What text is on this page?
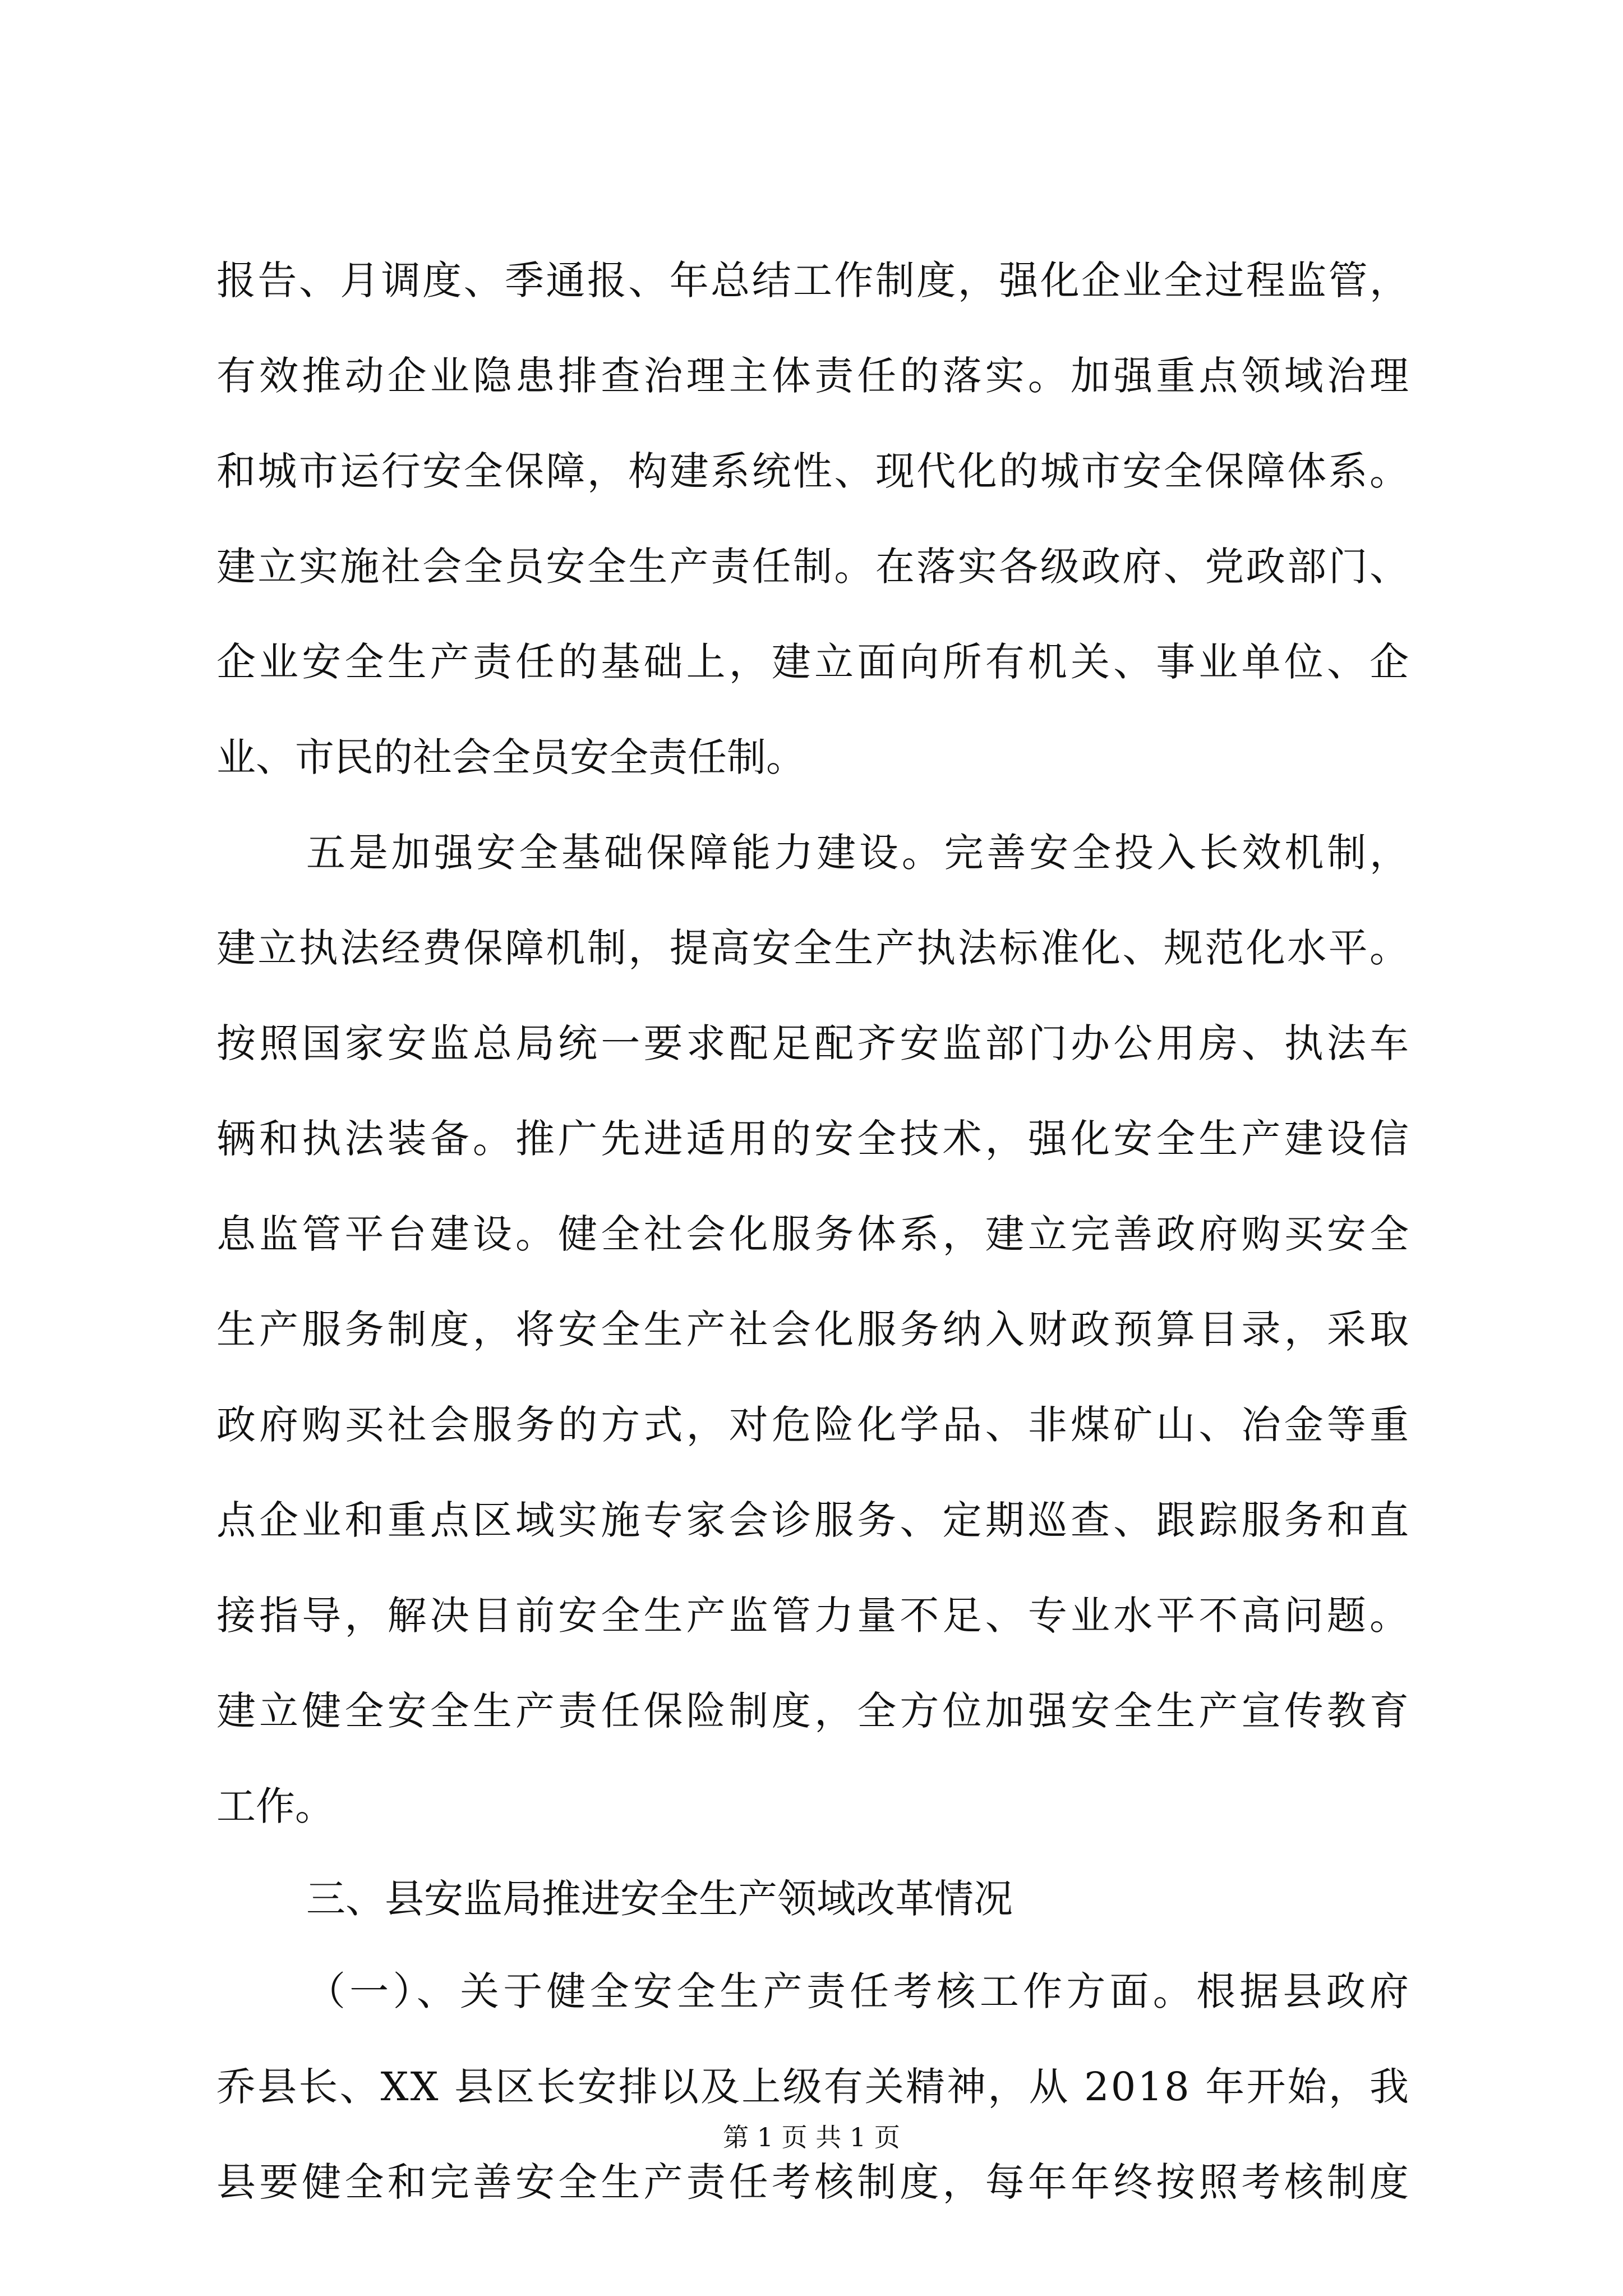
报告、月调度、季通报、年总结工作制度，强化企业全过程监管，
有效推动企业隐患排查治理主体责任的落实。加强重点领域治理
和城市运行安全保障，构建系统性、现代化的城市安全保障体系。
建立实施社会全员安全生产责任制。在落实各级政府、党政部门、
企业安全生产责任的基础上，建立面向所有机关、事业单位、企
业、市民的社会全员安全责任制。
五是加强安全基础保障能力建设。完善安全投入长效机制，
建立执法经费保障机制，提高安全生产执法标准化、规范化水平。
按照国家安监总局统一要求配足配齐安监部门办公用房、执法车
辆和执法装备。推广先进适用的安全技术，强化安全生产建设信
息监管平台建设。健全社会化服务体系，建立完善政府购买安全
生产服务制度，将安全生产社会化服务纳入财政预算目录，采取
政府购买社会服务的方式，对危险化学品、非煤矿山、冶金等重
点企业和重点区域实施专家会诊服务、定期巡查、跟踪服务和直
接指导，解决目前安全生产监管力量不足、专业水平不高问题。
建立健全安全生产责任保险制度，全方位加强安全生产宣传教育
工作。
三、县安监局推进安全生产领域改革情况
（一）、关于健全安全生产责任考核工作方面。根据县政府
乔县长、XX 县区长安排以及上级有关精神，从 2018 年开始，我
县要健全和完善安全生产责任考核制度，每年年终按照考核制度
第 1 页 共 1 页
